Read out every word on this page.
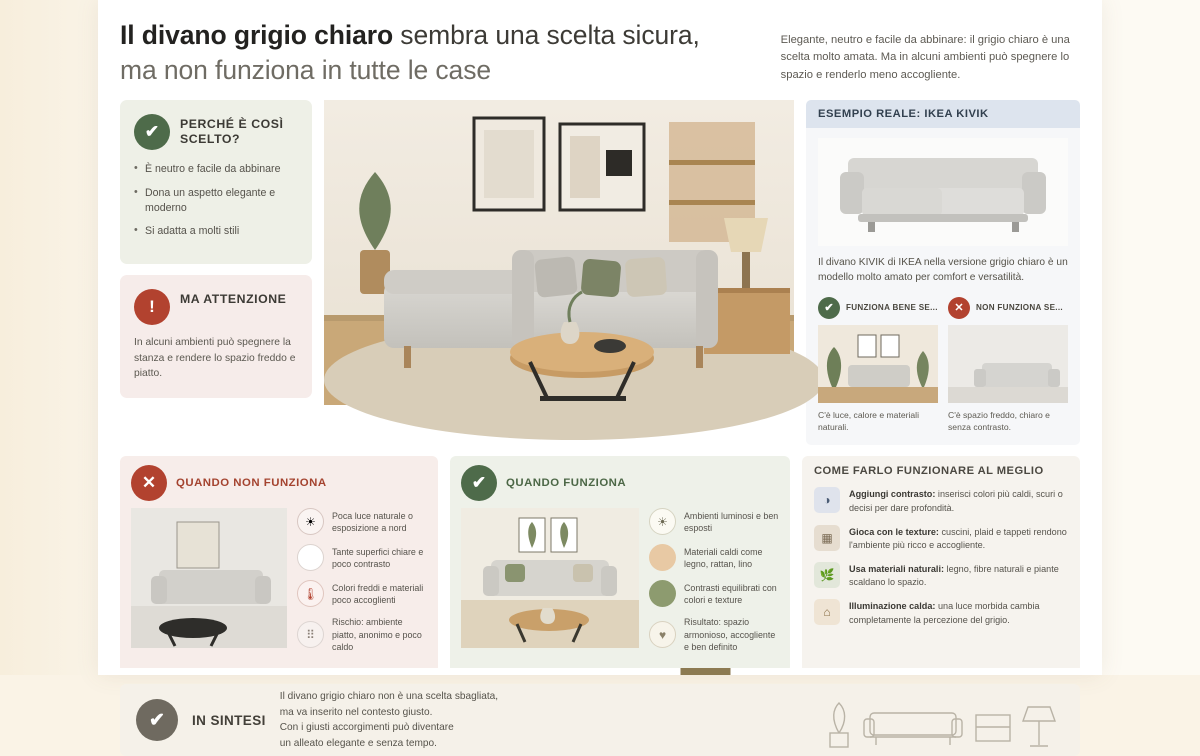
Il divano grigio chiaro sembra una scelta sicura,
ma non funziona in tutte le case
Elegante, neutro e facile da abbinare: il grigio chiaro è una scelta molto amata. Ma in alcuni ambienti può spegnere lo spazio e renderlo meno accogliente.
✔	PERCHÉ È COSÌ SCELTO?
• È neutro e facile da abbinare
• Dona un aspetto elegante e moderno
• Si adatta a molti stili
!	MA ATTENZIONE
In alcuni ambienti può spegnere la stanza e rendere lo spazio freddo e piatto.
ESEMPIO REALE: IKEA KIVIK
Il divano KIVIK di IKEA nella versione grigio chiaro è un modello molto amato per comfort e versatilità.
✔	FUNZIONA BENE SE...
C'è luce, calore e materiali naturali.
✕	NON FUNZIONA SE...
C'è spazio freddo, chiaro e senza contrasto.
✕	QUANDO NON FUNZIONA
☀	Poca luce naturale o esposizione a nord
Tante superfici chiare e poco contrasto
🌡	Colori freddi e materiali poco accoglienti
⠿
Rischio: ambiente piatto, anonimo e poco caldo
✔	QUANDO FUNZIONA
☀	Ambienti luminosi e ben esposti
Materiali caldi come legno, rattan, lino
Contrasti equilibrati con colori e texture
♥
Risultato: spazio armonioso, accogliente e ben definito
COME FARLO FUNZIONARE AL MEGLIO
◑	Aggiungi contrasto: inserisci colori più caldi, scuri o decisi per dare profondità.
▦	Gioca con le texture: cuscini, plaid e tappeti rendono l'ambiente più ricco e accogliente.
🌿	Usa materiali naturali: legno, fibre naturali e piante scaldano lo spazio.
⌂	Illuminazione calda: una luce morbida cambia completamente la percezione del grigio.
✔	IN SINTESI
Il divano grigio chiaro non è una scelta sbagliata,
ma va inserito nel contesto giusto.
Con i giusti accorgimenti può diventare
un alleato elegante e senza tempo.
